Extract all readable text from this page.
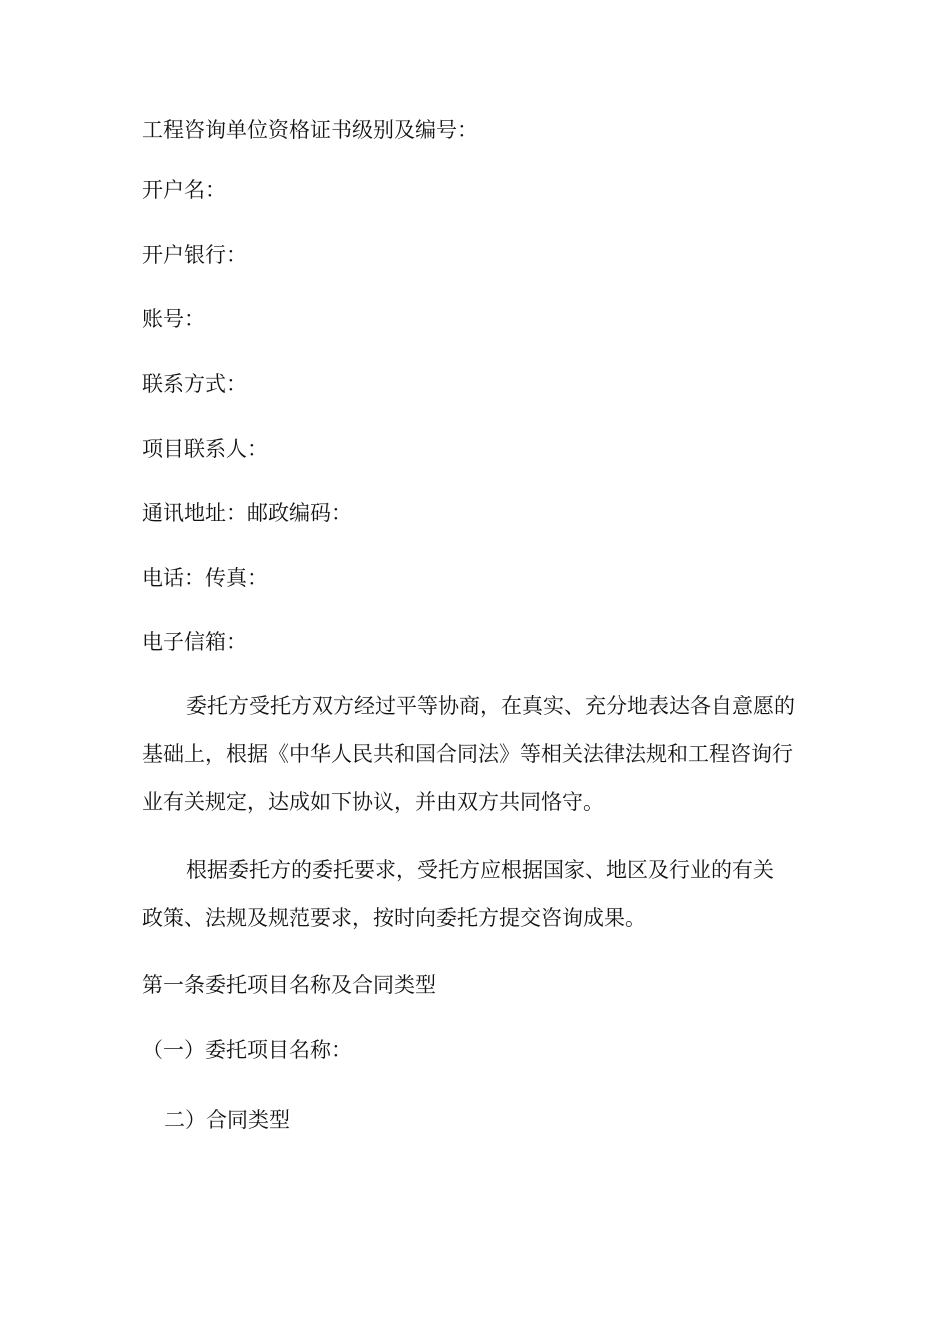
工程咨询单位资格证书级别及编号：

开户名：

开户银行：

账号：

联系方式：

项目联系人：

通讯地址：邮政编码：

电话：传真：

电子信箱：

委托方受托方双方经过平等协商，在真实、充分地表达各自意愿的
基础上，根据《中华人民共和国合同法》等相关法律法规和工程咨询行
业有关规定，达成如下协议，并由双方共同恪守。
根据委托方的委托要求，受托方应根据国家、地区及行业的有关
政策、法规及规范要求，按时向委托方提交咨询成果。

第一条委托项目名称及合同类型

（一）委托项目名称：

二）合同类型
